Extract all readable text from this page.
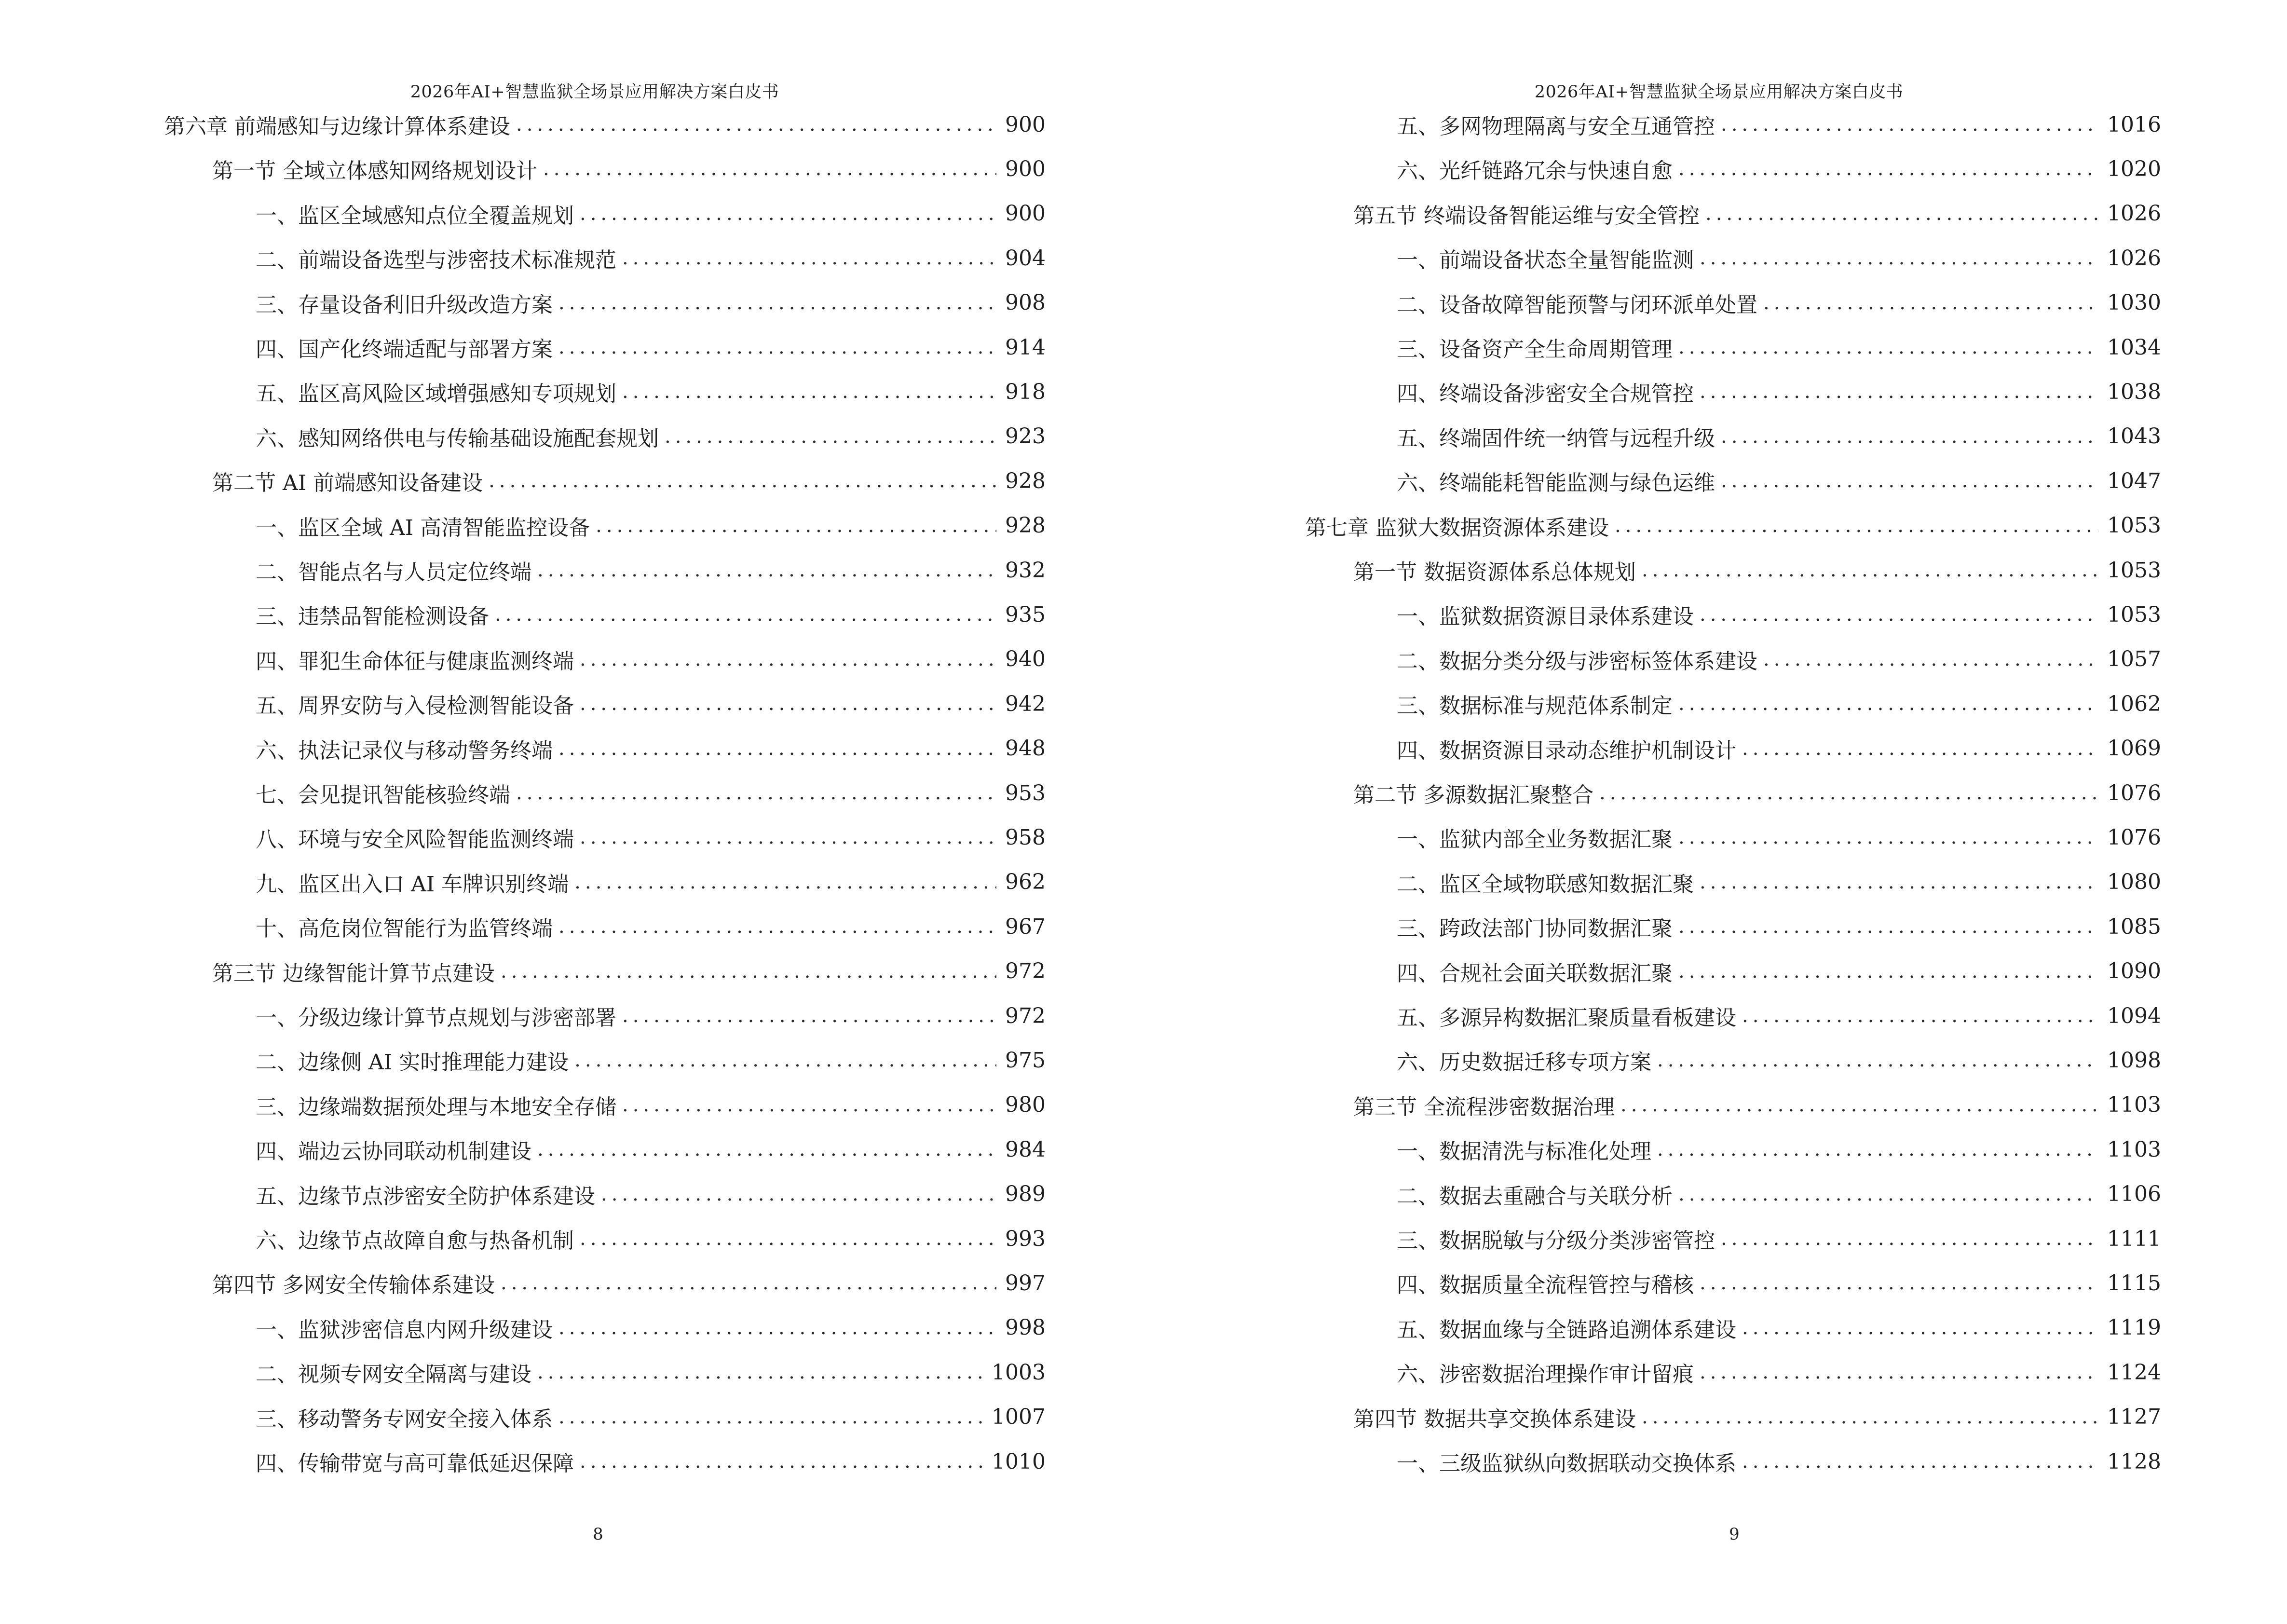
2026年AI+智慧监狱全场景应用解决方案白皮书
第六章 前端感知与边缘计算体系建设 .....	900
第一节 全域立体感知网络规划设计 .....	900
一、监区全域感知点位全覆盖规划 .....	900
二、前端设备选型与涉密技术标准规范 .....	904
三、存量设备利旧升级改造方案 .....	908
四、国产化终端适配与部署方案 .....	914
五、监区高风险区域增强感知专项规划 .....	918
六、感知网络供电与传输基础设施配套规划 .....	923
第二节 AI 前端感知设备建设 .....	928
一、监区全域 AI 高清智能监控设备 .....	928
二、智能点名与人员定位终端 .....	932
三、违禁品智能检测设备 .....	935
四、罪犯生命体征与健康监测终端 .....	940
五、周界安防与入侵检测智能设备 .....	942
六、执法记录仪与移动警务终端 .....	948
七、会见提讯智能核验终端 .....	953
八、环境与安全风险智能监测终端 .....	958
九、监区出入口 AI 车牌识别终端 .....	962
十、高危岗位智能行为监管终端 .....	967
第三节 边缘智能计算节点建设 .....	972
一、分级边缘计算节点规划与涉密部署 .....	972
二、边缘侧 AI 实时推理能力建设 .....	975
三、边缘端数据预处理与本地安全存储 .....	980
四、端边云协同联动机制建设 .....	984
五、边缘节点涉密安全防护体系建设 .....	989
六、边缘节点故障自愈与热备机制 .....	993
第四节 多网安全传输体系建设 .....	997
一、监狱涉密信息内网升级建设 .....	998
二、视频专网安全隔离与建设 .....	1003
三、移动警务专网安全接入体系 .....	1007
四、传输带宽与高可靠低延迟保障 .....	1010
8
2026年AI+智慧监狱全场景应用解决方案白皮书
五、多网物理隔离与安全互通管控 .....	1016
六、光纤链路冗余与快速自愈 .....	1020
第五节 终端设备智能运维与安全管控 .....	1026
一、前端设备状态全量智能监测 .....	1026
二、设备故障智能预警与闭环派单处置 .....	1030
三、设备资产全生命周期管理 .....	1034
四、终端设备涉密安全合规管控 .....	1038
五、终端固件统一纳管与远程升级 .....	1043
六、终端能耗智能监测与绿色运维 .....	1047
第七章 监狱大数据资源体系建设 .....	1053
第一节 数据资源体系总体规划 .....	1053
一、监狱数据资源目录体系建设 .....	1053
二、数据分类分级与涉密标签体系建设 .....	1057
三、数据标准与规范体系制定 .....	1062
四、数据资源目录动态维护机制设计 .....	1069
第二节 多源数据汇聚整合 .....	1076
一、监狱内部全业务数据汇聚 .....	1076
二、监区全域物联感知数据汇聚 .....	1080
三、跨政法部门协同数据汇聚 .....	1085
四、合规社会面关联数据汇聚 .....	1090
五、多源异构数据汇聚质量看板建设 .....	1094
六、历史数据迁移专项方案 .....	1098
第三节 全流程涉密数据治理 .....	1103
一、数据清洗与标准化处理 .....	1103
二、数据去重融合与关联分析 .....	1106
三、数据脱敏与分级分类涉密管控 .....	1111
四、数据质量全流程管控与稽核 .....	1115
五、数据血缘与全链路追溯体系建设 .....	1119
六、涉密数据治理操作审计留痕 .....	1124
第四节 数据共享交换体系建设 .....	1127
一、三级监狱纵向数据联动交换体系 .....	1128
9
